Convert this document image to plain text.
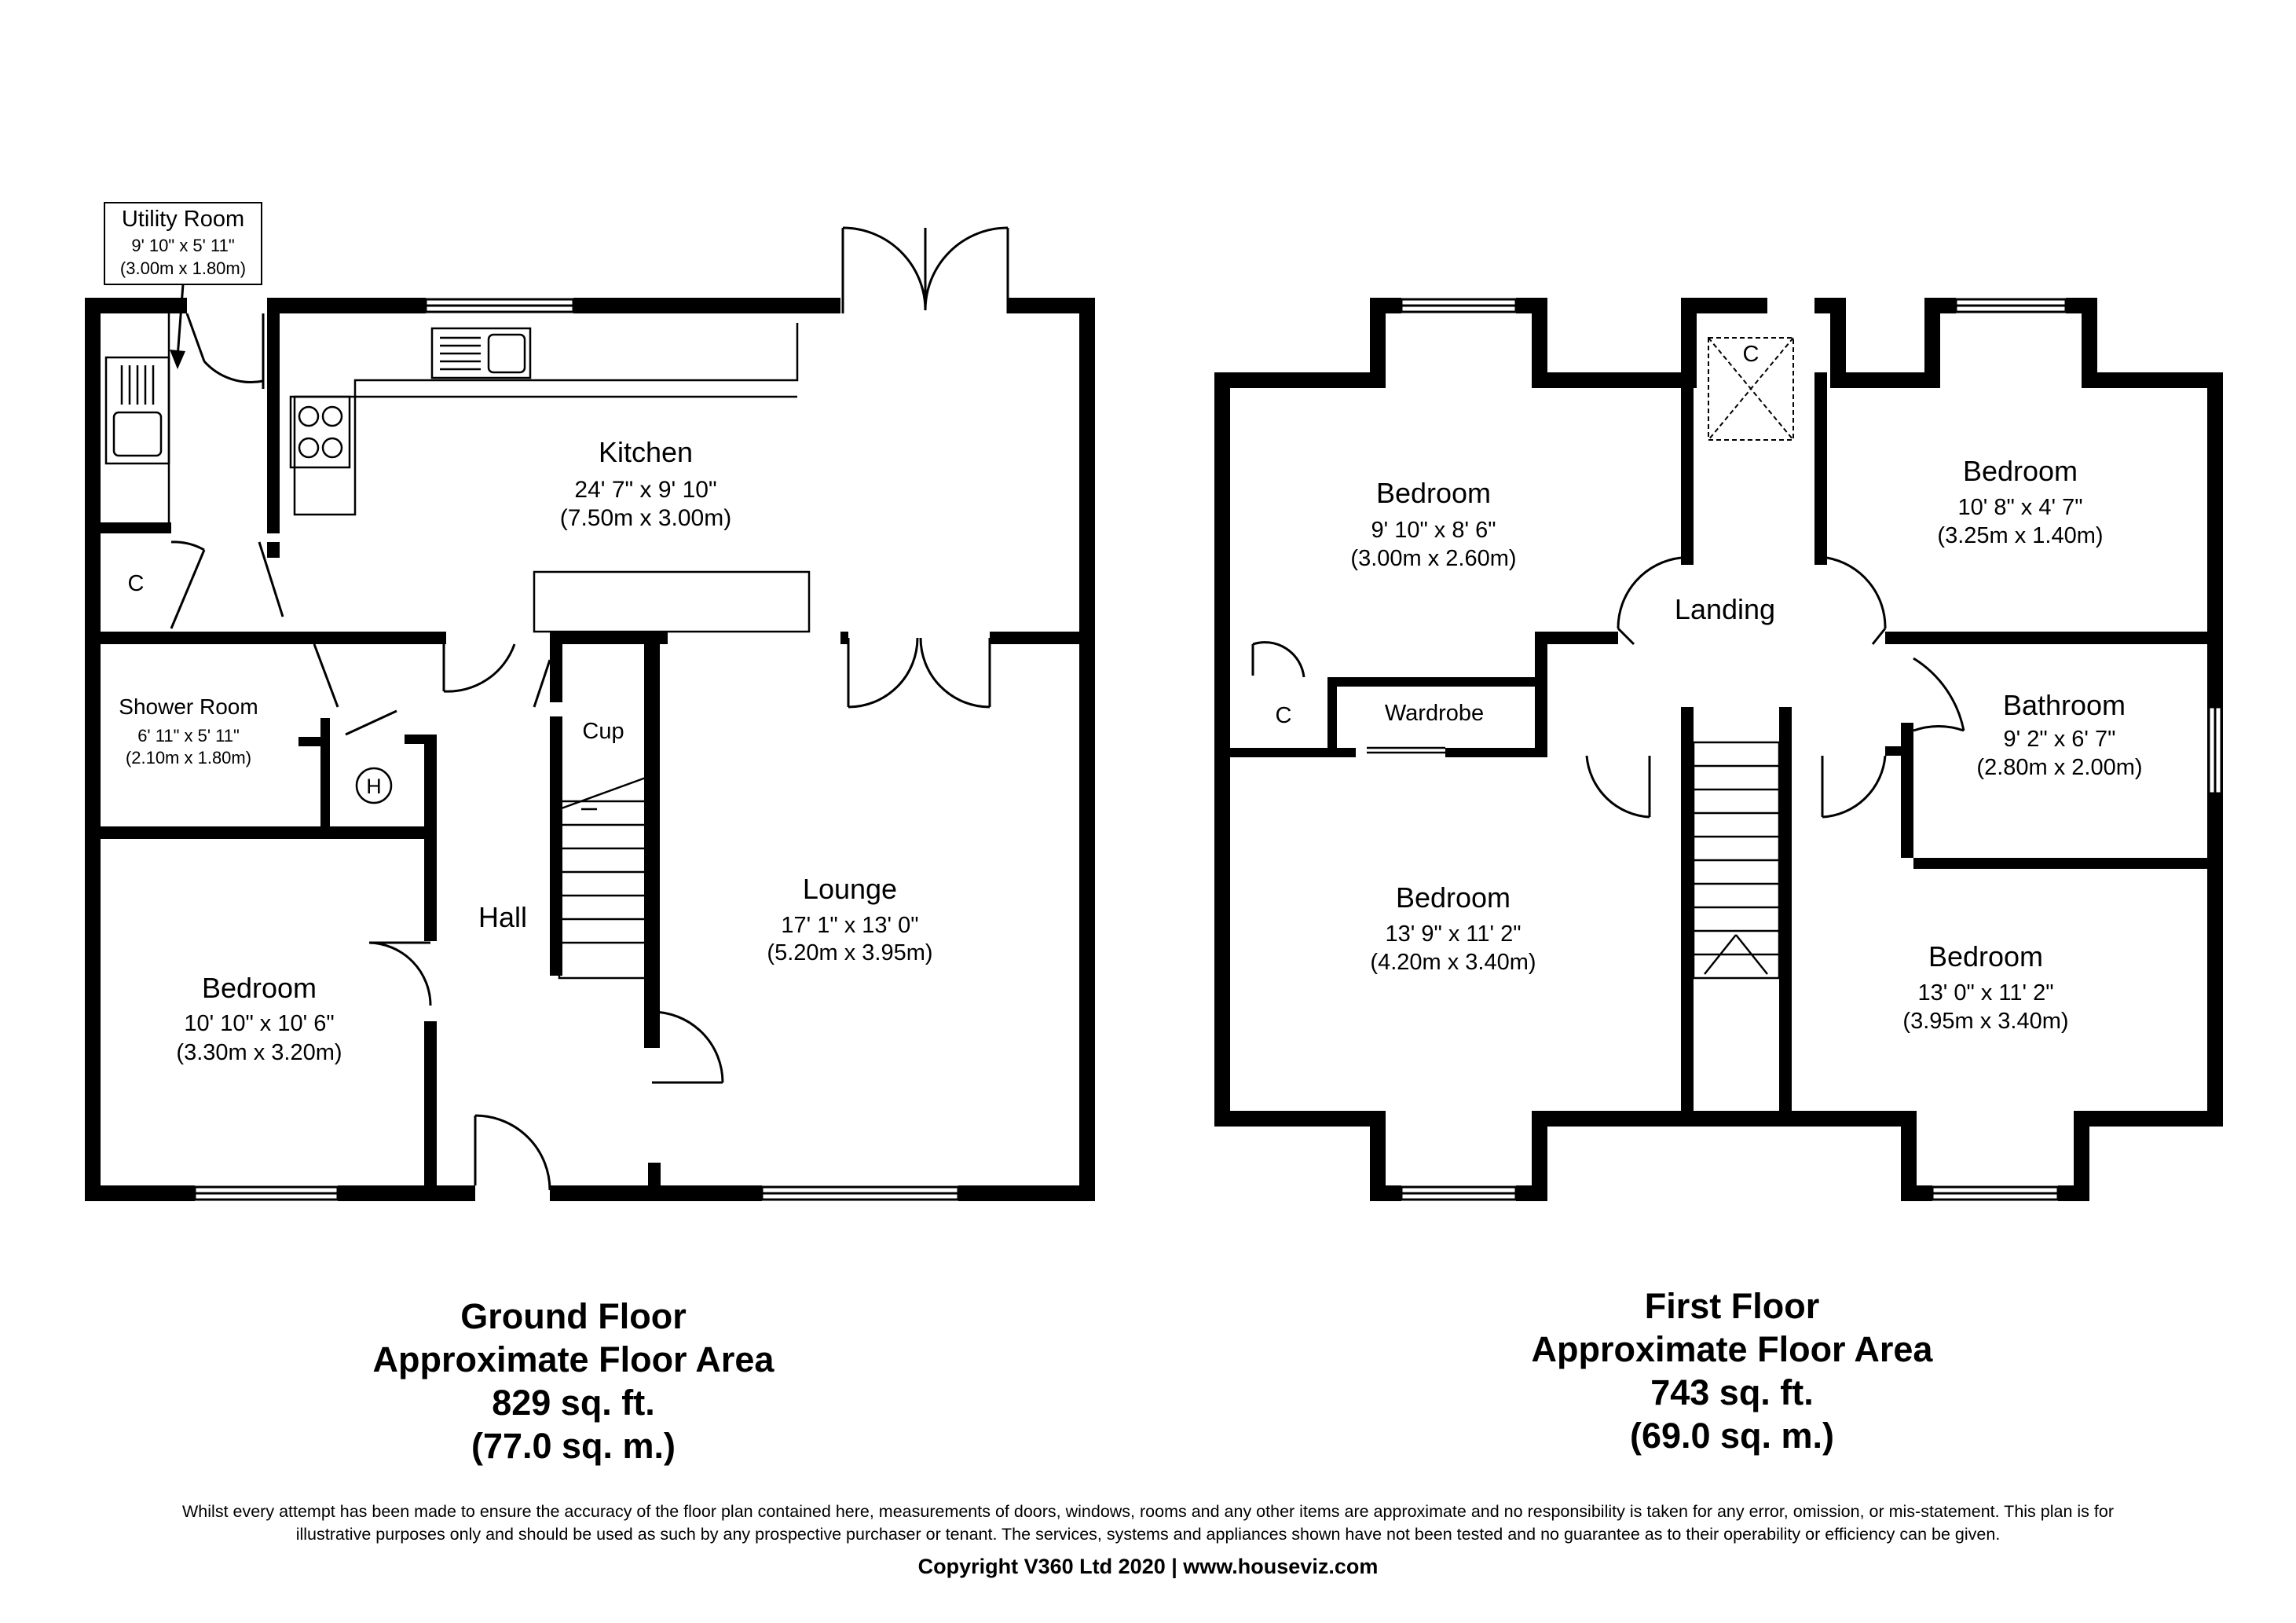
Utility Room
9' 10" x 5' 11"
(3.00m x 1.80m)
Kitchen
24' 7" x 9' 10"
(7.50m x 3.00m)
Shower Room
6' 11" x 5' 11"
(2.10m x 1.80m)
Bedroom
10' 10" x 10' 6"
(3.30m x 3.20m)
Lounge
17' 1" x 13' 0"
(5.20m x 3.95m)
Hall
Cup
C
H
Bedroom
9' 10" x 8' 6"
(3.00m x 2.60m)
Bedroom
10' 8" x 4' 7"
(3.25m x 1.40m)
Bathroom
9' 2" x 6' 7"
(2.80m x 2.00m)
Bedroom
13' 9" x 11' 2"
(4.20m x 3.40m)	Bedroom
13' 0" x 11' 2"
(3.95m x 3.40m)
Landing
Wardrobe
C
C
Ground Floor
Approximate Floor Area
829 sq. ft.
(77.0 sq. m.)
First Floor
Approximate Floor Area
743 sq. ft.
(69.0 sq. m.)
Whilst every attempt has been made to ensure the accuracy of the floor plan contained here, measurements of doors, windows, rooms and any other items are approximate and no responsibility is taken for any error, omission, or mis-statement. This plan is for
illustrative purposes only and should be used as such by any prospective purchaser or tenant. The services, systems and appliances shown have not been tested and no guarantee as to their operability or efficiency can be given.
Copyright V360 Ltd 2020 | www.houseviz.com
